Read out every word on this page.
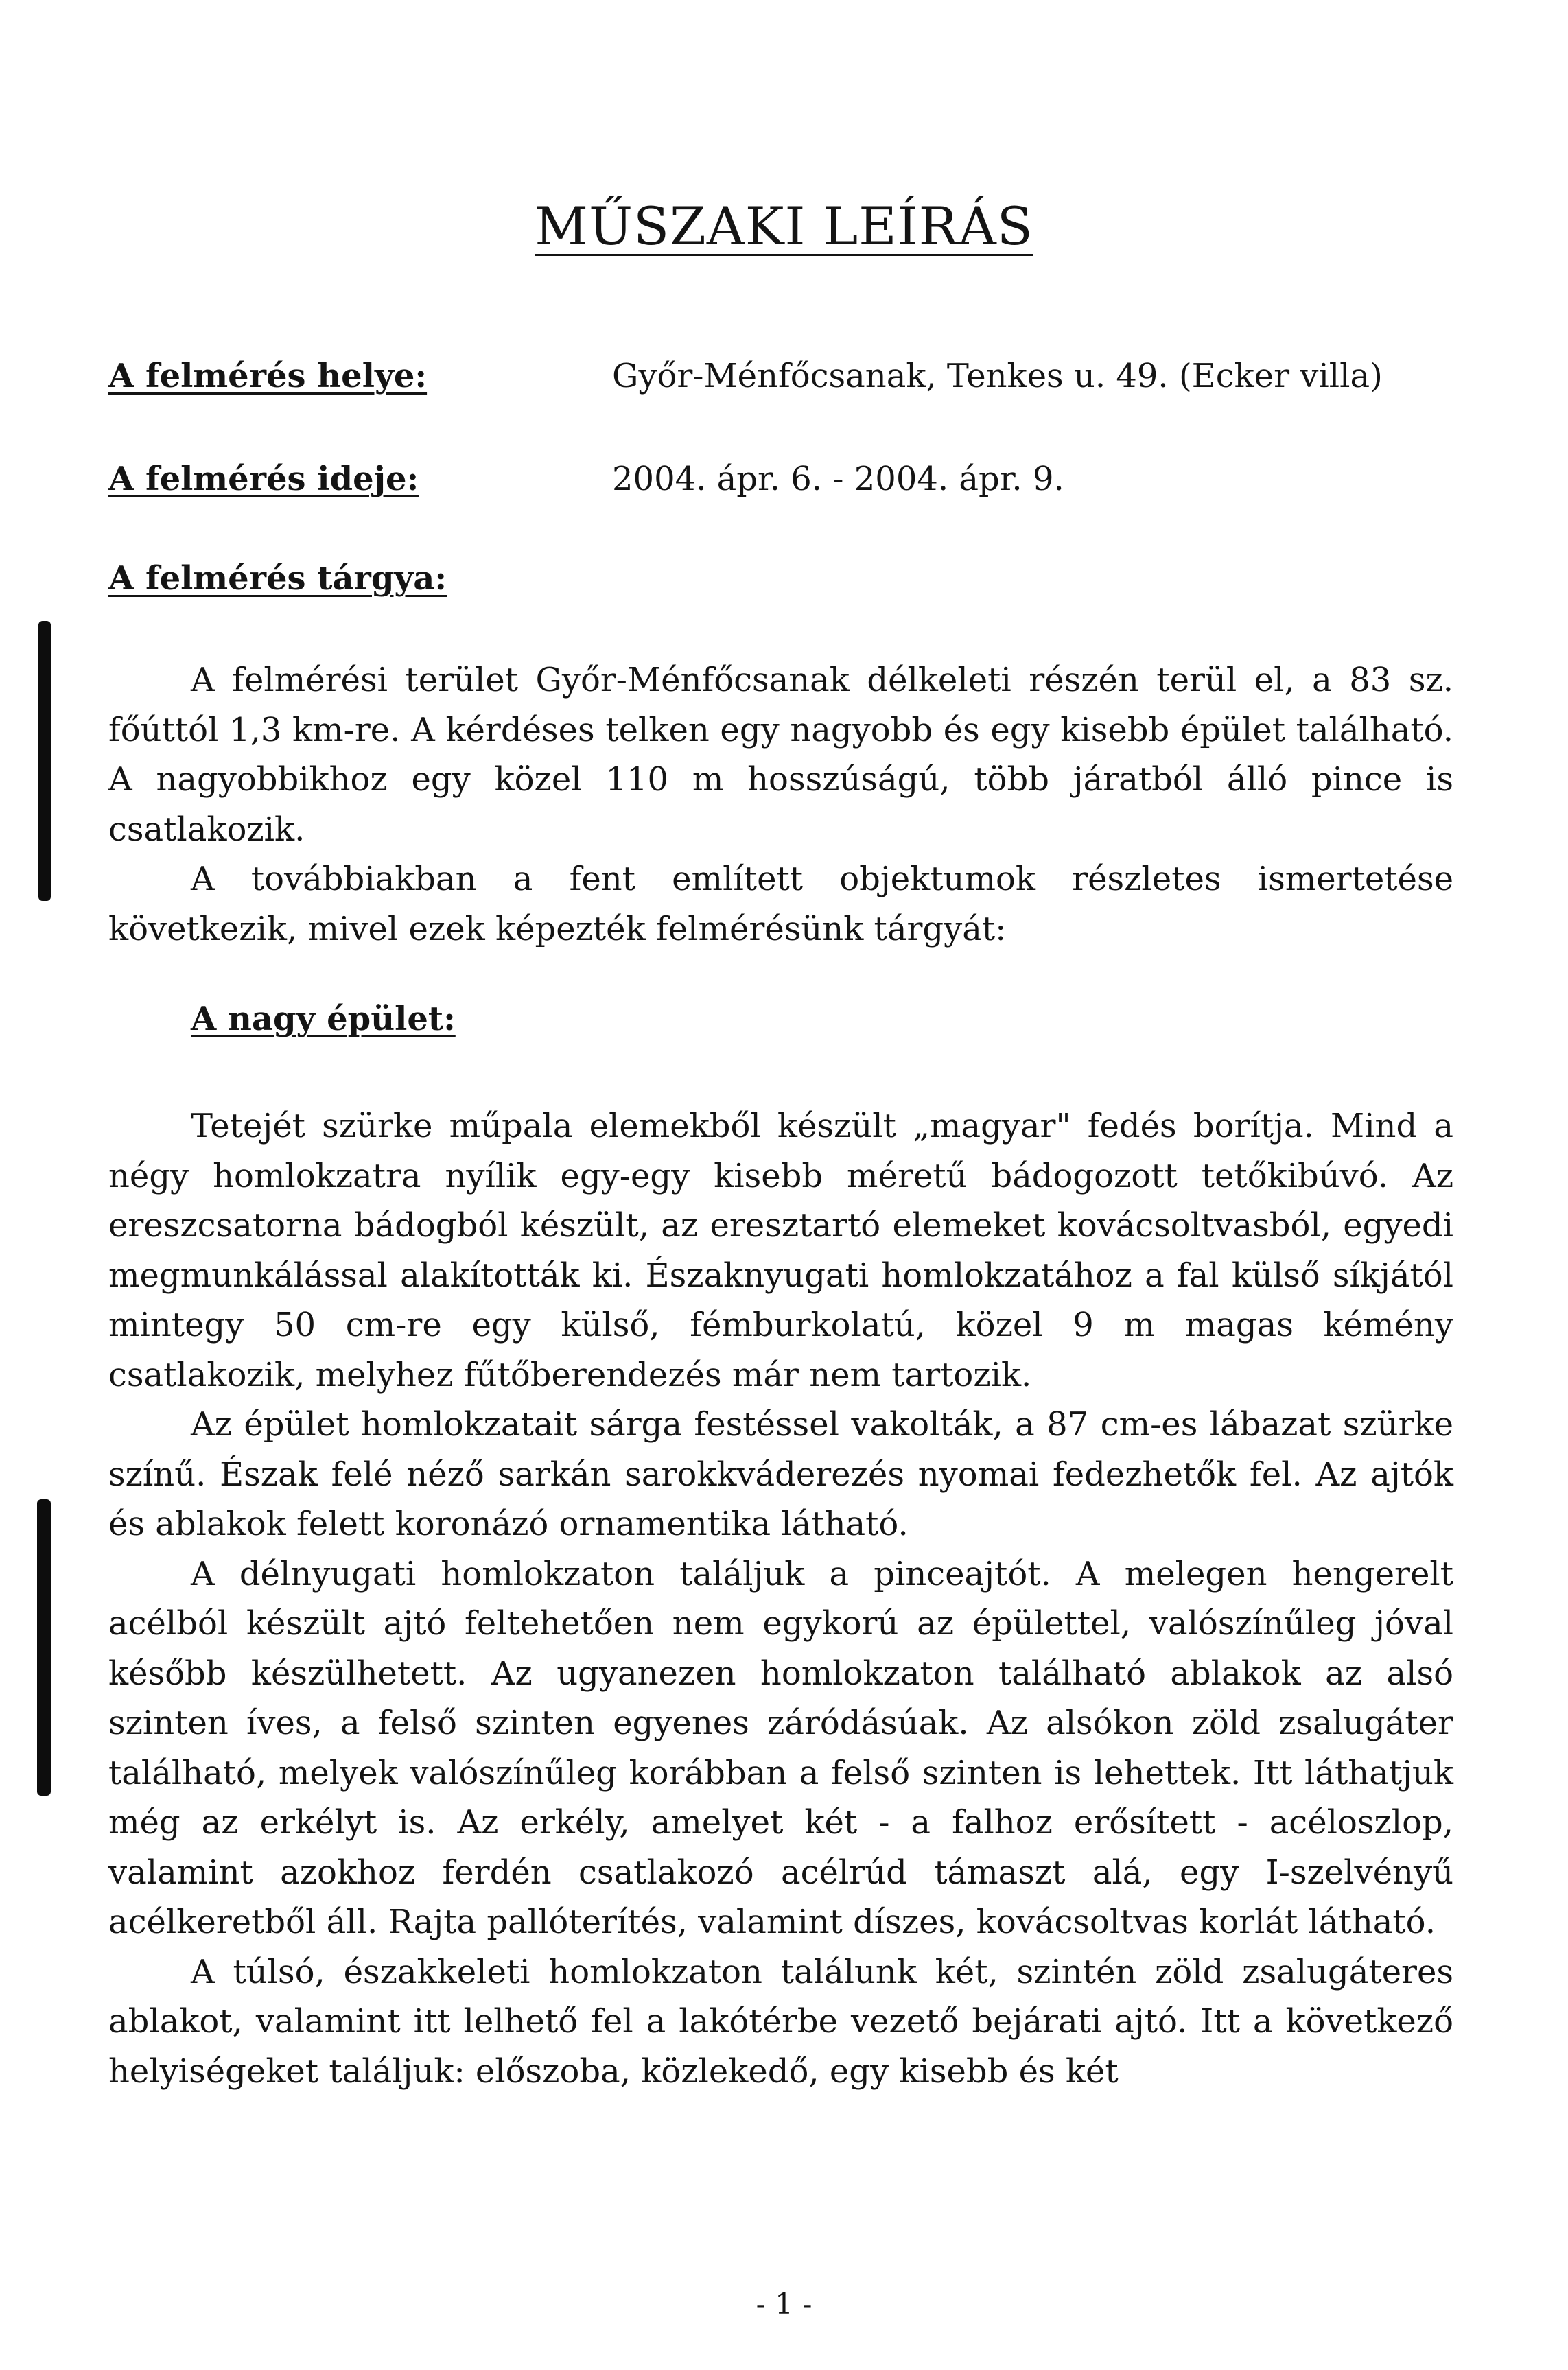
MŰSZAKI LEÍRÁS
A felmérés helye:	Győr-Ménfőcsanak, Tenkes u. 49. (Ecker villa)
A felmérés ideje:	2004. ápr. 6. - 2004. ápr. 9.
A felmérés tárgya:

A felmérési terület Győr-Ménfőcsanak délkeleti részén terül el, a 83 sz. főúttól 1,3 km-re. A kérdéses telken egy nagyobb és egy kisebb épület található. A nagyobbikhoz egy közel 110 m hosszúságú, több járatból álló pince is csatlakozik.

A továbbiakban a fent említett objektumok részletes ismertetése következik, mivel ezek képezték felmérésünk tárgyát:

A nagy épület:

Tetejét szürke műpala elemekből készült „magyar" fedés borítja. Mind a négy homlokzatra nyílik egy-egy kisebb méretű bádogozott tetőkibúvó. Az ereszcsatorna bádogból készült, az eresztartó elemeket kovácsoltvasból, egyedi megmunkálással alakították ki. Északnyugati homlokzatához a fal külső síkjától mintegy 50 cm-re egy külső, fémburkolatú, közel 9 m magas kémény csatlakozik, melyhez fűtőberendezés már nem tartozik.

Az épület homlokzatait sárga festéssel vakolták, a 87 cm-es lábazat szürke színű. Észak felé néző sarkán sarokkváderezés nyomai fedezhetők fel. Az ajtók és ablakok felett koronázó ornamentika látható.

A délnyugati homlokzaton találjuk a pinceajtót. A melegen hengerelt acélból készült ajtó feltehetően nem egykorú az épülettel, valószínűleg jóval később készülhetett. Az ugyanezen homlokzaton található ablakok az alsó szinten íves, a felső szinten egyenes záródásúak. Az alsókon zöld zsalugáter található, melyek valószínűleg korábban a felső szinten is lehettek. Itt láthatjuk még az erkélyt is. Az erkély, amelyet két - a falhoz erősített - acéloszlop, valamint azokhoz ferdén csatlakozó acélrúd támaszt alá, egy I-szelvényű acélkeretből áll. Rajta pallóterítés, valamint díszes, kovácsoltvas korlát látható.

A túlsó, északkeleti homlokzaton találunk két, szintén zöld zsalugáteres ablakot, valamint itt lelhető fel a lakótérbe vezető bejárati ajtó. Itt a következő helyiségeket találjuk: előszoba, közlekedő, egy kisebb és két

- 1 -
